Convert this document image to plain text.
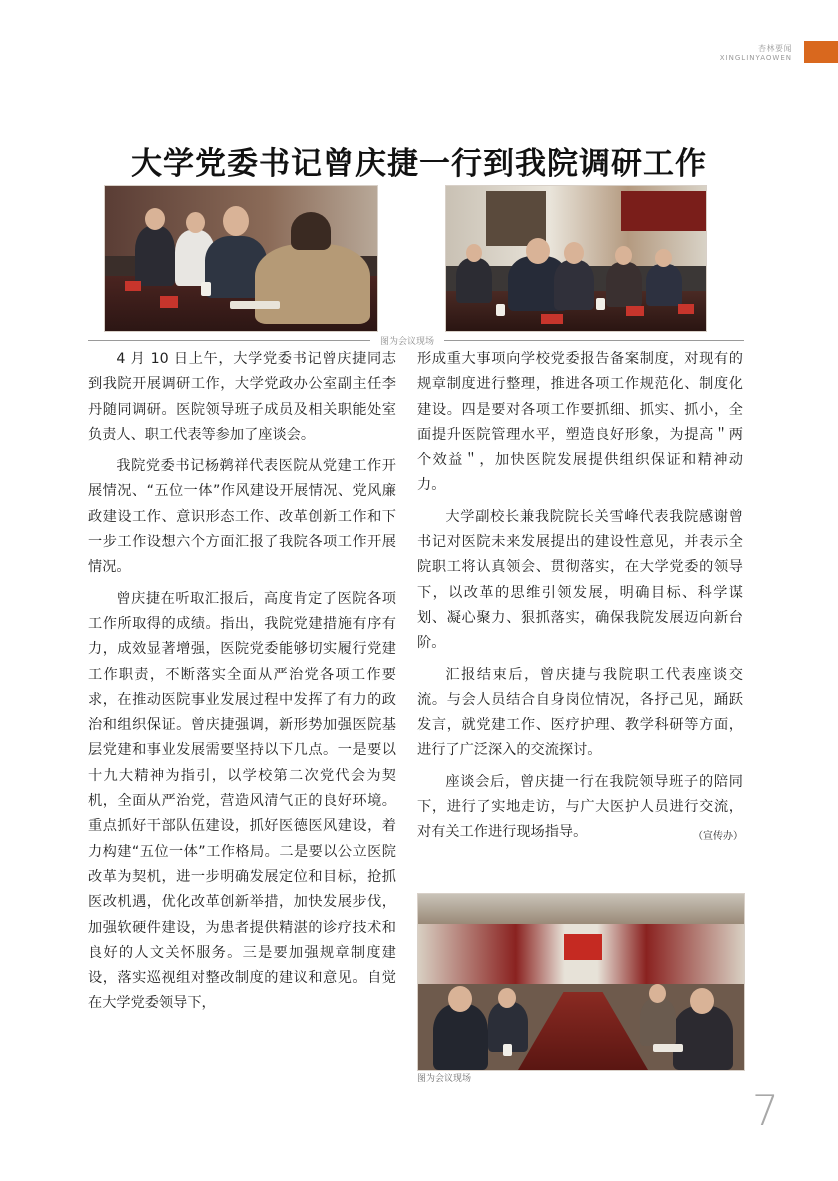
杏林要闻
XINGLINYAOWEN
大学党委书记曾庆捷一行到我院调研工作
图为会议现场

4 月 10 日上午，大学党委书记曾庆捷同志到我院开展调研工作，大学党政办公室副主任李丹随同调研。医院领导班子成员及相关职能处室负责人、职工代表等参加了座谈会。

我院党委书记杨鹈祥代表医院从党建工作开展情况、“五位一体”作风建设开展情况、党风廉政建设工作、意识形态工作、改革创新工作和下一步工作设想六个方面汇报了我院各项工作开展情况。

曾庆捷在听取汇报后，高度肯定了医院各项工作所取得的成绩。指出，我院党建措施有序有力，成效显著增强，医院党委能够切实履行党建工作职责，不断落实全面从严治党各项工作要求，在推动医院事业发展过程中发挥了有力的政治和组织保证。曾庆捷强调，新形势加强医院基层党建和事业发展需要坚持以下几点。一是要以十九大精神为指引，以学校第二次党代会为契机，全面从严治党，营造风清气正的良好环境。重点抓好干部队伍建设，抓好医德医风建设，着力构建“五位一体”工作格局。二是要以公立医院改革为契机，进一步明确发展定位和目标，抢抓医改机遇，优化改革创新举措，加快发展步伐，加强软硬件建设，为患者提供精湛的诊疗技术和良好的人文关怀服务。三是要加强规章制度建设，落实巡视组对整改制度的建议和意见。自觉在大学党委领导下，

形成重大事项向学校党委报告备案制度，对现有的规章制度进行整理，推进各项工作规范化、制度化建设。四是要对各项工作要抓细、抓实、抓小，全面提升医院管理水平，塑造良好形象，为提高＂两个效益＂，加快医院发展提供组织保证和精神动力。

大学副校长兼我院院长关雪峰代表我院感谢曾书记对医院未来发展提出的建设性意见，并表示全院职工将认真领会、贯彻落实，在大学党委的领导下，以改革的思维引领发展，明确目标、科学谋划、凝心聚力、狠抓落实，确保我院发展迈向新台阶。

汇报结束后，曾庆捷与我院职工代表座谈交流。与会人员结合自身岗位情况，各抒己见，踊跃发言，就党建工作、医疗护理、教学科研等方面，进行了广泛深入的交流探讨。

座谈会后，曾庆捷一行在我院领导班子的陪同下，进行了实地走访，与广大医护人员进行交流，对有关工作进行现场指导。	（宣传办）

图为会议现场
7
